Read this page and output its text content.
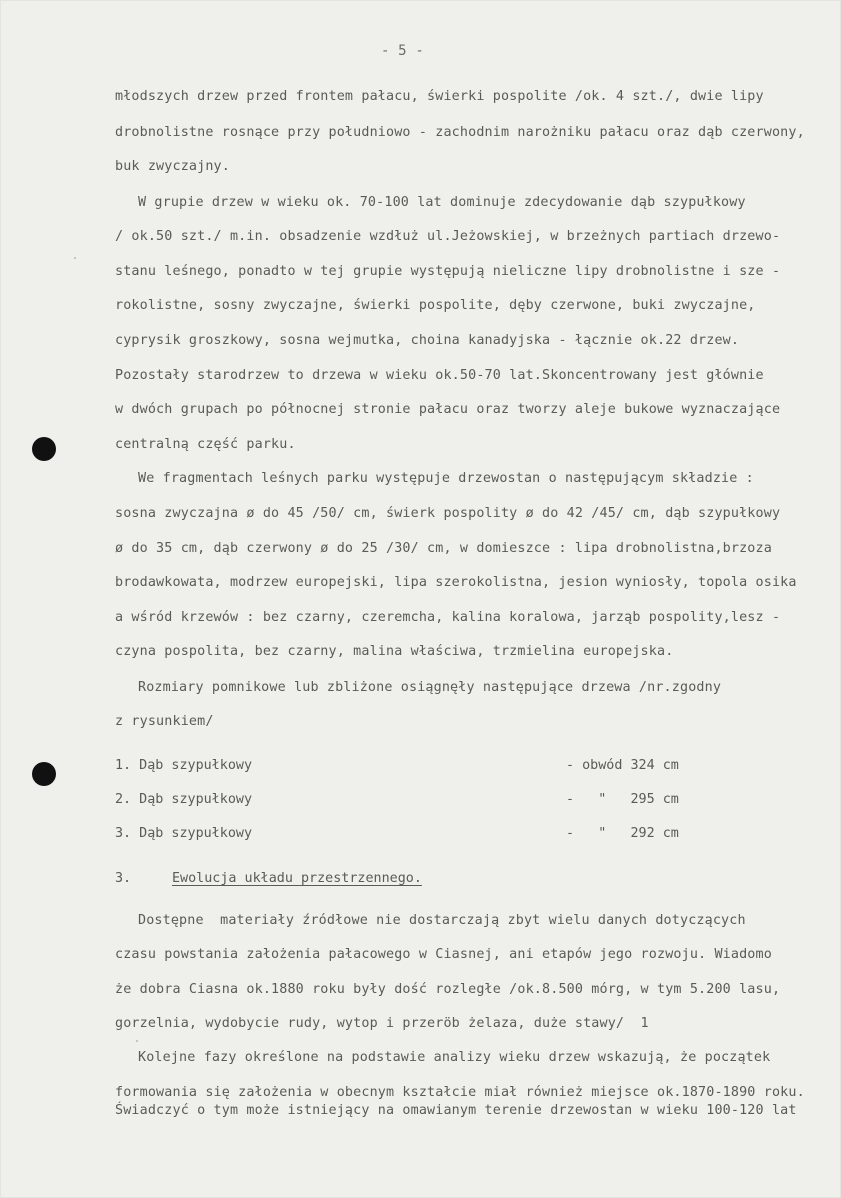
- 5 -
młodszych drzew przed frontem pałacu, świerki pospolite /ok. 4 szt./, dwie lipy
drobnolistne rosnące przy południowo - zachodnim narożniku pałacu oraz dąb czerwony,
buk zwyczajny.
W grupie drzew w wieku ok. 70-100 lat dominuje zdecydowanie dąb szypułkowy
/ ok.50 szt./ m.in. obsadzenie wzdłuż ul.Jeżowskiej, w brzeżnych partiach drzewo-
stanu leśnego, ponadto w tej grupie występują nieliczne lipy drobnolistne i sze -
rokolistne, sosny zwyczajne, świerki pospolite, dęby czerwone, buki zwyczajne,
cyprysik groszkowy, sosna wejmutka, choina kanadyjska - łącznie ok.22 drzew.
Pozostały starodrzew to drzewa w wieku ok.50-70 lat.Skoncentrowany jest głównie
w dwóch grupach po północnej stronie pałacu oraz tworzy aleje bukowe wyznaczające
centralną część parku.
We fragmentach leśnych parku występuje drzewostan o następującym składzie :
sosna zwyczajna ø do 45 /50/ cm, świerk pospolity ø do 42 /45/ cm, dąb szypułkowy
ø do 35 cm, dąb czerwony ø do 25 /30/ cm, w domieszce : lipa drobnolistna,brzoza
brodawkowata, modrzew europejski, lipa szerokolistna, jesion wyniosły, topola osika
a wśród krzewów : bez czarny, czeremcha, kalina koralowa, jarząb pospolity,lesz -
czyna pospolita, bez czarny, malina właściwa, trzmielina europejska.
Rozmiary pomnikowe lub zbliżone osiągnęły następujące drzewa /nr.zgodny
z rysunkiem/
1. Dąb szypułkowy	- obwód 324 cm
2. Dąb szypułkowy	-   "   295 cm
3. Dąb szypułkowy	-   "   292 cm
3.	Ewolucja układu przestrzennego.
Dostępne  materiały źródłowe nie dostarczają zbyt wielu danych dotyczących
czasu powstania założenia pałacowego w Ciasnej, ani etapów jego rozwoju. Wiadomo
że dobra Ciasna ok.1880 roku były dość rozległe /ok.8.500 mórg, w tym 5.200 lasu,
gorzelnia, wydobycie rudy, wytop i przeröb żelaza, duże stawy/  1
Kolejne fazy określone na podstawie analizy wieku drzew wskazują, że początek
formowania się założenia w obecnym kształcie miał również miejsce ok.1870-1890 roku.
Świadczyć o tym może istniejący na omawianym terenie drzewostan w wieku 100-120 lat
